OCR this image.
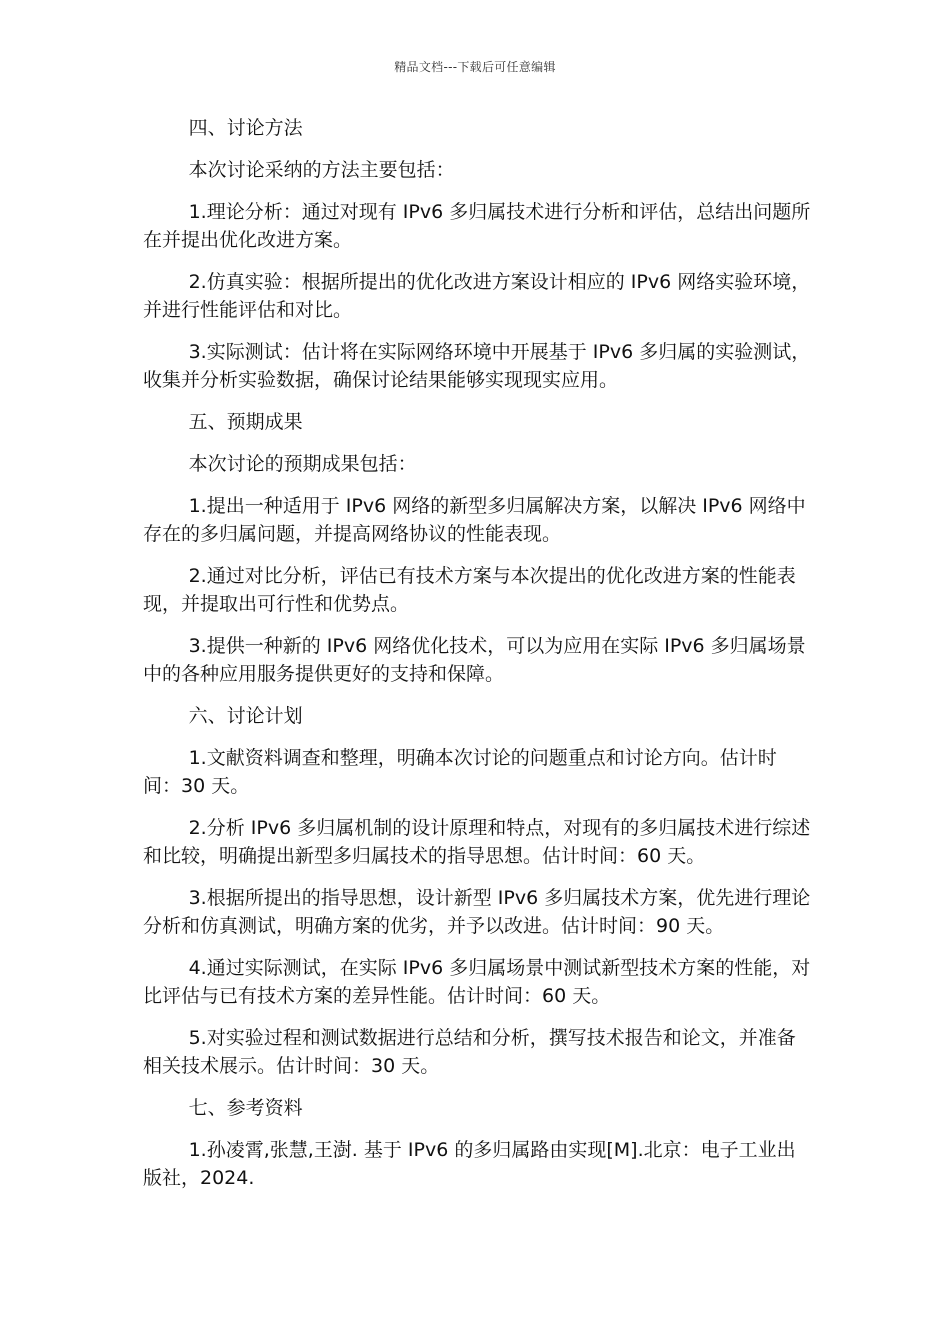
精品文档---下载后可任意编辑

四、讨论方法

本次讨论采纳的方法主要包括：

1.理论分析：通过对现有 IPv6 多归属技术进行分析和评估，总结出问题所在并提出优化改进方案。

2.仿真实验：根据所提出的优化改进方案设计相应的 IPv6 网络实验环境，并进行性能评估和对比。

3.实际测试：估计将在实际网络环境中开展基于 IPv6 多归属的实验测试，收集并分析实验数据，确保讨论结果能够实现现实应用。

五、预期成果

本次讨论的预期成果包括：

1.提出一种适用于 IPv6 网络的新型多归属解决方案，以解决 IPv6 网络中存在的多归属问题，并提高网络协议的性能表现。

2.通过对比分析，评估已有技术方案与本次提出的优化改进方案的性能表现，并提取出可行性和优势点。

3.提供一种新的 IPv6 网络优化技术，可以为应用在实际 IPv6 多归属场景中的各种应用服务提供更好的支持和保障。

六、讨论计划

1.文献资料调查和整理，明确本次讨论的问题重点和讨论方向。估计时间：30 天。

2.分析 IPv6 多归属机制的设计原理和特点，对现有的多归属技术进行综述和比较，明确提出新型多归属技术的指导思想。估计时间：60 天。

3.根据所提出的指导思想，设计新型 IPv6 多归属技术方案，优先进行理论分析和仿真测试，明确方案的优劣，并予以改进。估计时间：90 天。

4.通过实际测试，在实际 IPv6 多归属场景中测试新型技术方案的性能，对比评估与已有技术方案的差异性能。估计时间：60 天。

5.对实验过程和测试数据进行总结和分析，撰写技术报告和论文，并准备相关技术展示。估计时间：30 天。

七、参考资料

1.孙凌霄,张慧,王澍. 基于 IPv6 的多归属路由实现[M].北京：电子工业出版社，2024.
